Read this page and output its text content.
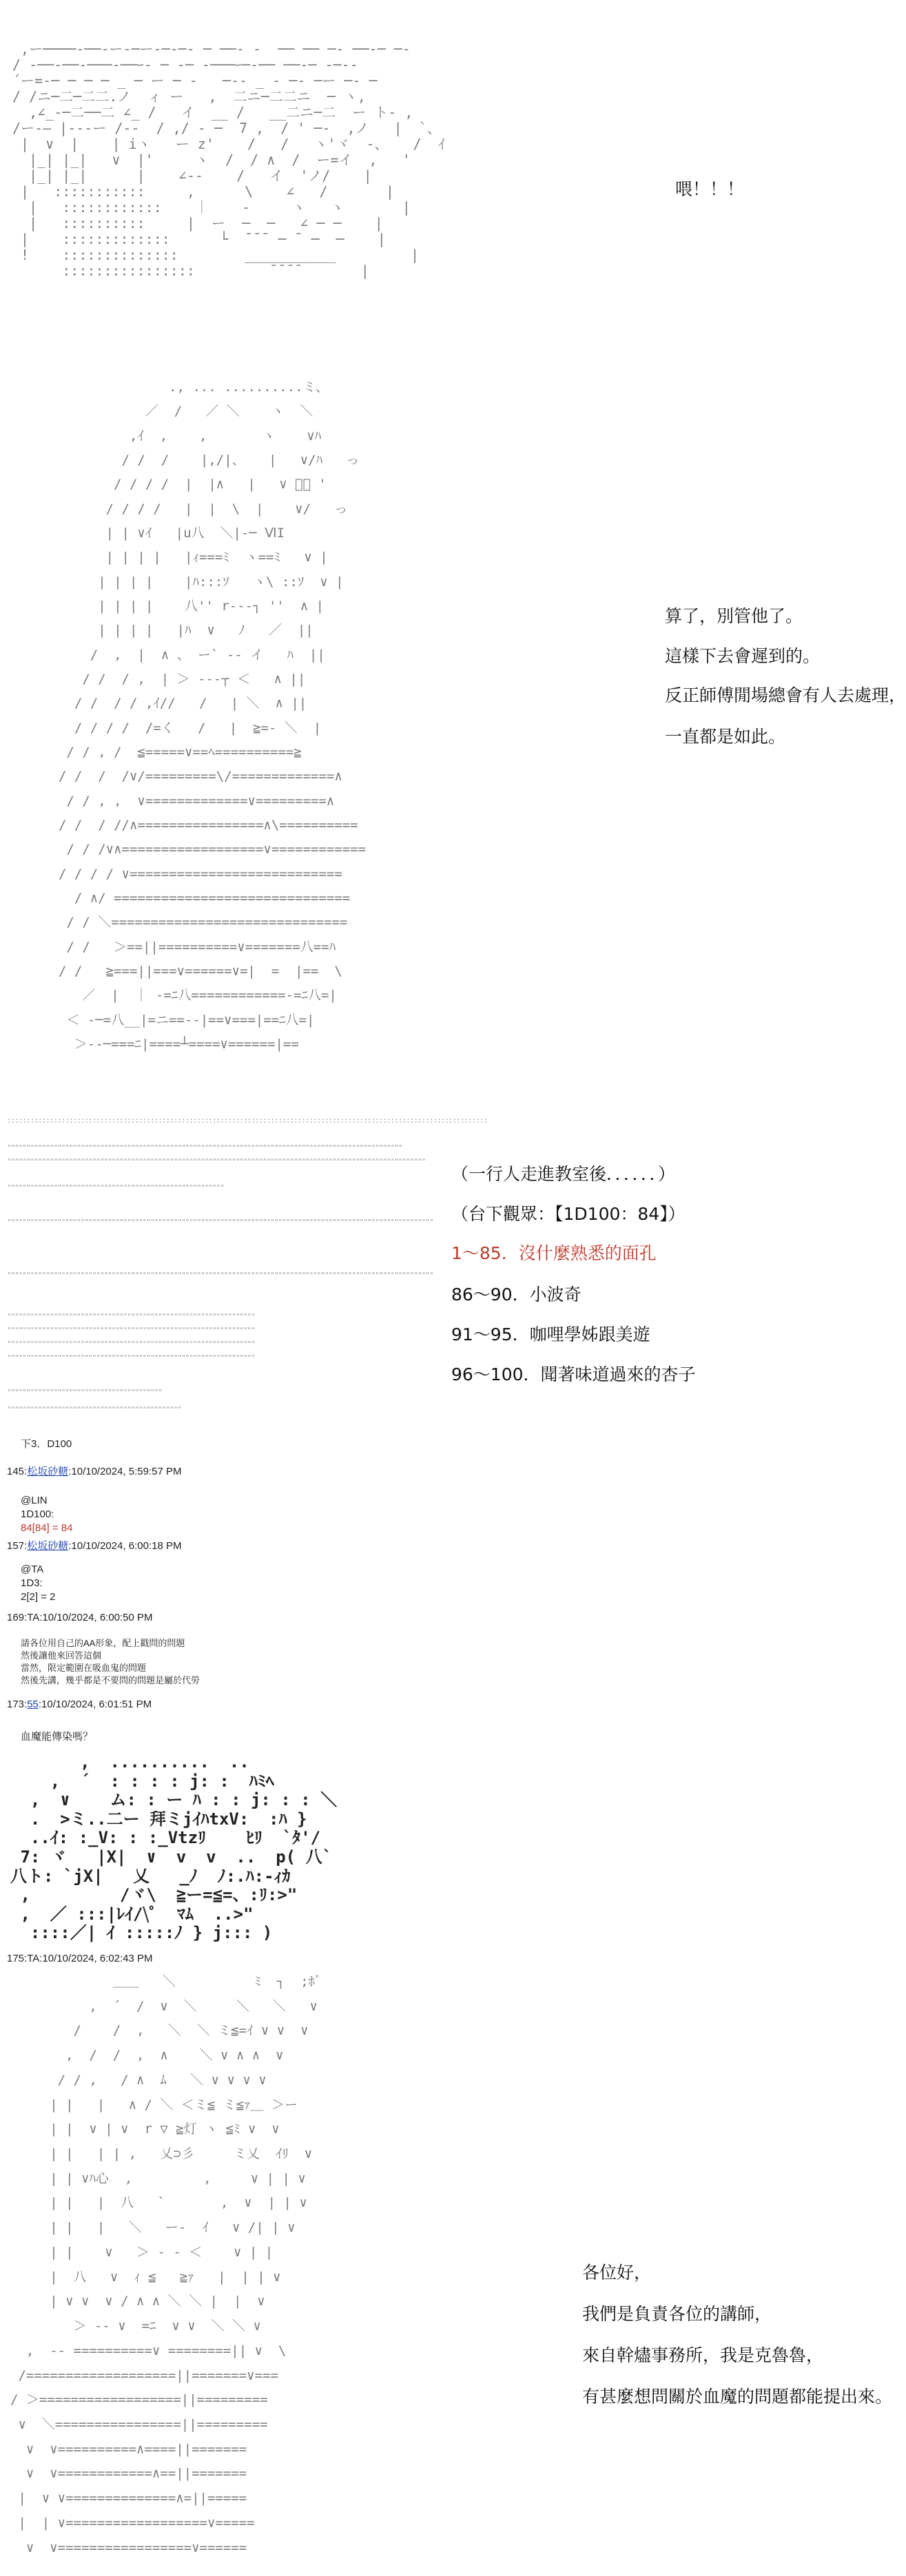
,ー────‐──‐ー‐─ー‐─‐─‐ ─ ──‐ ‐  ── ── ─‐ ──‐─ ─‐
/ ‐──‐──‐───‐──ｰ‐ ─ ‐─ ‐───ｰ─‐── ──‐─ ‐─‐‐
´ー=‐─ ─ ─ ─ _ ─ ー ─ ‐   ─‐‐ _ ‐ ─‐ ─ー ─‐ ─
/ /ニ─二─二二.ノ  ィ ー   ,  二ニ─二二ニ  ─ ヽ,
,∠_-─二──二 ∠_ /   イ  __ /   __二ニ─二  ー ト- ,
/ー‐― |--‐ー /‐‐  / ,/ ‐ ─  7 ,  / ' ─‐  ,ノ   |  `、
|  ∨  |    | iヽ   ー z'    /   /   ヽ'ヾ  -、   /  ｲ
|_| |_|   ∨  |'     ヽ  /  / ∧  /  ー=イ  ,   '
|_| |_|      |    ∠-‐    /   イ  'ノ/    |
|   :::::::::::     ,      \    ∠   /       |
|   ::::::::::::    ｜    ‐     ヽ   ヽ       |
|   ::::::::::     |  ー  ─  ─   ∠ ─ ─    |
|    :::::::::::::      └  ̄ ̄ ̄  ─ ̄  ─  ─    |
!    ::::::::::::::        ___________         |
::::::::::::::::         ̄ ̄ ̄ ̄        |
喂！！！
., ... ..........ミ、
／  /   ／ ＼    ヽ  ＼
,ｲ  ,    ,       ヽ    ∨ﾊ
/ /  /    |,/|、   |   ∨/ﾊ   っ
/ / / /  |  |∧   |   ∨ ﾟﾟ '
/ / / /   |  |  \  |    ∨/   っ
| | ∨ｲ   |u八  ＼|-─ ⅥI
| | | |   |ｨ===ﾐ  ヽ==ﾐ   ∨ |
| | | |    |ﾊ:::ｿ   ヽ\ ::ｿ  ∨ |
| | | |    八'' r‐‐‐┐ ''  ∧ |
| | | |   |ﾊ  ∨   ﾉ   ／  ||
/  ,  |  ∧ 、 ー` ‐‐ イ   ﾊ  ||
/ /  / ,  | ＞ -‐‐┬ ＜   ∧ ||
/ /  / / ,ｲ//   /   | ＼  ∧ ||
/ / / /  /=く   /   |  ≧=‐ ＼  |
/ / , /  ≦=====∨==ﾍ==========≧
/ /  /  /∨/=========\/=============∧
/ / , ,  ∨=============∨=========∧
/ /  / //∧================∧\==========
/ / /∨∧==================∨============
/ / / / ∨===========================
/ ∧/ ==============================
/ / ＼==============================
/ /   ＞==||==========∨=======八==ﾊ
/ /   ≧===||===∨======∨=|  =  |==  \
／  |  ｜ -=ﾆ八============-=ﾆ八=|
＜ ‐─=八__|=ニ==-‐|==∨===|==ﾆ八=|
＞-‐─===ﾆ|====┴====∨======|==
算了，別管他了。
這樣下去會遲到的。
反正師傅閒場總會有人去處理，
一直都是如此。
::::::::::::::::::::::::::::::::::::::::::::::::::::::::::::::::::::::::::::::::::::::::::::::::::::::::::::::::::::::::::::
""""""""""""""""""""""""""""""""""""""""""""""""""""""""""""""""""""""""""""""""""""""""""""""""""""""
""""""""""""""""""""""""""""""""""""""""""""""""""""""""""""""""""""""""""""""""""""""""""""""""""""""""""""
""""""""""""""""""""""""""""""""""""""""""""""""""""""""
""""""""""""""""""""""""""""""""""""""""""""""""""""""""""""""""""""""""""""""""""""""""""""""""""""""""""""""
""""""""""""""""""""""""""""""""""""""""""""""""""""""""""""""""""""""""""""""""""""""""""""""""""""""""""""""
""""""""""""""""""""""""""""""""""""""""""""""""""""""""""""""""
""""""""""""""""""""""""""""""""""""""""""""""""""""""""""""""""
""""""""""""""""""""""""""""""""""""""""""""""""""""""""""""""""
""""""""""""""""""""""""""""""""""""""""""""""""""""""""""""""""
""""""""""""""""""""""""""""""""""""""""
"""""""""""""""""""""""""""""""""""""""""""""
（一行人走進教室後．．．．．．）
（台下觀眾：【1D100：84】）
1～85．沒什麼熟悉的面孔
86～90．小波奇
91～95．咖哩學姊跟美遊
96～100．聞著味道過來的杏子
下3．D100
145:松坂砂糖:10/10/2024, 5:59:57 PM
@LIN
1D100:
84[84] = 84
157:松坂砂糖:10/10/2024, 6:00:18 PM
@TA
1D3:
2[2] = 2
169:TA:10/10/2024, 6:00:50 PM
請各位用自己的AA形象，配上戳問的問題
然後讓他來回答這個
當然，限定範圍在吸血鬼的問題
然後先講，幾乎都是不要問的問題是屬於代勞
173:55:10/10/2024, 6:01:51 PM
血魔能傳染嗎？
,  ..........  ..
,  ´  : : : : j: :  ﾊﾐﾍ
,  ∨    ム: : ー ﾊ : : j: : : ＼
.  >ミ..二ー 拜ミjｲﾊtxV:  :ﾊ }
..ｲ: :_V: : :_Vtzﾘ    ﾋﾘ  `ﾀ'/
7: ヾ   |X|  ∨  v  v  ..  p( 八`
八ト: `jX|   乂   _ﾉ  ﾉ:.ﾊ:-ｨｶ
,         /ヾ\  ≧ー=≦=、:ﾘ:>"
,  ／ :::|ﾚｲ/\ﾟ  ﾏﾑ  ..>"
::::／| ｲ :::::ﾉ } j::: )

175:TA:10/10/2024, 6:02:43 PM
＿＿   ＼          ﾐ  ┐  ;ﾎﾞ
,  ´  /  ∨  ＼     ＼   ＼   ∨
/    /  ,   ＼  ＼ ミ≦=ｲ ∨ ∨  ∨
,  /  /  ,  ∧    ＼ ∨ ∧ ∧  ∨
/ / ,   / ∧  ﾑ   ＼ ∨ ∨ ∨ ∨
| |   |   ∧ / ＼ ＜ミ≦ ミ≦ｧ＿ ＞ー
| |  ∨ | ∨  r ▽ ≧灯 ヽ ≦ﾐ ∨  ∨
| |   | | ,   乂⊃彡     ミ乂  ｲﾘ  ∨
| | ∨ﾊ心  ,         ,     ∨ | | ∨
| |   |  八   `       ,  ∨  | | ∨
| |   |   ＼   ー‐  ｲ   ∨ /| | ∨
| |    ∨   ＞ ‐ ‐ ＜    ∨ | |
|  八   ∨  ｨ ≦   ≧ｧ   |  | | ∨
| ∨ ∨  ∨ / ∧ ∧ ＼ ＼ |  |  ∨
＞ -‐ ∨  =ﾆ  ∨ ∨  ＼ ＼ ∨
,  -‐ ==========∨ ========|| ∨  \
/===================||=======∨===
/ ＞==================||=========
∨  ＼================||=========
∨  ∨==========∧====||=======
∨  ∨============∧==||=======
|  ∨ ∨==============∧=||=====
|  | ∨==================∨=====
∨  ∨=================∨======
各位好，
我們是負責各位的講師，
來自幹燼事務所，我是克魯魯，
有甚麼想問關於血魔的問題都能提出來。
